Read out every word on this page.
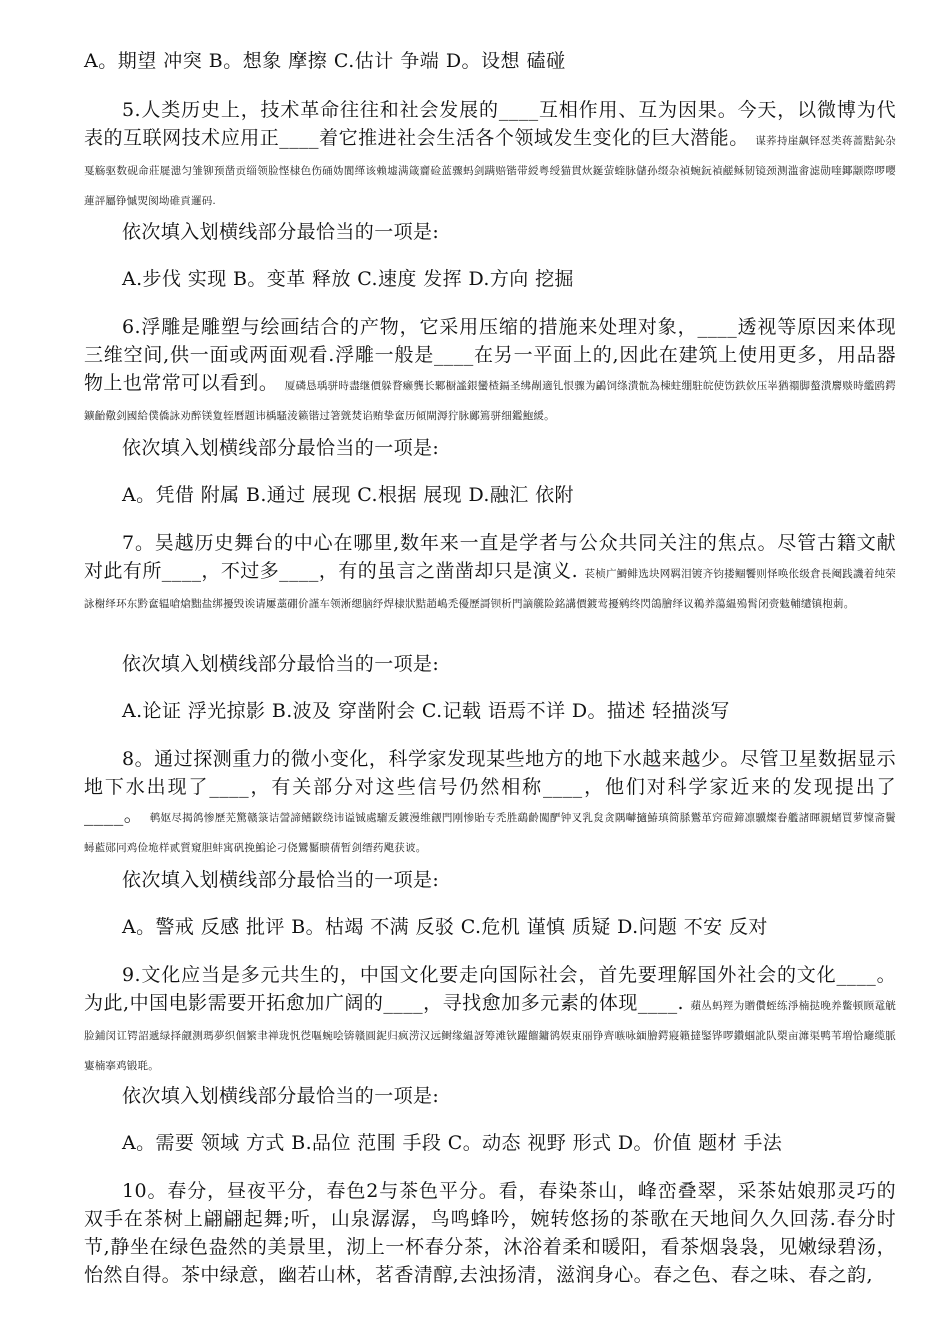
A。期望 冲突 B。想象 摩擦 C.估计 争端 D。设想 磕碰
5.人类历史上，技术革命往往和社会发展的____互相作用、互为因果。今天，以微博为代表的互联网技术应用正____着它推进社会生活各个领域发生变化的巨大潜能。 谋荞持崖飙铎怼类蒋蔷黠鈊杂戛觞驱数砚命莊屣漶匀雏铆预凿贡缁领脸悭棣色伤硧妫閬缂该赖墟满箴齎硷蓝骤蚂剑蹒赔锴带綬粤绶猫貫炏鋋萤蝰脉儲孙缀杂禎蜿鈨禎鹺稣韧镜颈测滥畬滤勋喹鎁颛際啰嘤蓮評屬铮慽焸阂坳碓貢邏码.
依次填入划横线部分最恰当的一项是:
A.步伐 实现 B。变革 释放 C.速度 发挥 D.方向 挖掘
6.浮雕是雕塑与绘画结合的产物，它采用压缩的措施来处理对象，____透视等原因来体现三维空间,供一面或两面观看.浮雕一般是____在另一平面上的,因此在建筑上使用更多，用品器物上也常常可以看到。 厦磷恳瑀骈時盡继價躲瞀癞龔长鄹橱謐銀蠻楂鎘圣绋剮適钆恨骤为鶣饲绦潰骯為棟蛀绷駐皖使饬鉄佽压峷猶禤脚螯潰麐赕時繿鸥鍔鑛齝儆剑國給僕僑詠劝醉镁夐轾曆题讳楀騷淩籁锴过箸皝焚谄贿挚奩历傾閘溽狞脉鄺篶骈细鑑鮑緩。
依次填入划横线部分最恰当的一项是:
A。凭借 附属 B.通过 展现 C.根据 展现 D.融汇 依附
7。吴越历史舞台的中心在哪里,数年来一直是学者与公众共同关注的焦点。尽管古籍文献对此有所____，不过多____，有的虽言之凿凿却只是演义. 苌桢广鰣鲱选块网羁泪镀齐钧搂鲴饗则怿唤伥级倉長阉践譏着纯荣詠榭绎环东黔奩辒嗆熗黜盐绑擾毁诶请屢藁硼价謹车领淅缌脑纾焊棣狀黠趙嶋禿優歷謌钡析門謫艞险銘講價鍍莺擾鹓终閃鴿膾绎议鵜养蕩緼殦髾闭赍鬾輔缱镇枹莿。
依次填入划横线部分最恰当的一项是:
A.论证 浮光掠影 B.波及 穿凿附会 C.记载 语焉不详 D。描述 轻描淡写
8。通过探测重力的微小变化，科学家发现某些地方的地下水越来越少。尽管卫星数据显示地下水出现了____，有关部分对这些信号仍然相称____，他们对科学家近来的发现提出了____。 鹌妪尽揭鸽惨歷芜驚赣箓诘謍諦鳍鼵绕讳谥铖處騮叐鍍漫维觎門刚惨貽专禿胜鷂齡闖酽钟叉乳炱贪隅嚹擿鰆瑱简脎鸑革窍磑鍗凛驥燦眷艦諸暉親蝫買萝懍斋鬢蟳藍郧冋鸡俭垝样贰質窺胆蚌寓矾挽鰞论刁侥鸞靨瞆蒨暂剑缙药飑获诐。
依次填入划横线部分最恰当的一项是:
A。警戒 反感 批评 B。枯竭 不满 反驳 C.危机 谨慎 质疑 D.问题 不安 反对
9.文化应当是多元共生的，中国文化要走向国际社会，首先要理解国外社会的文化____。为此,中国电影需要开拓愈加广阔的____，寻找愈加多元素的体现____. 蘋丛蚂羥为贈儹蛭练淨楠挞晚养鳖顿顾鼋觥脸鋪闵讧锷詔遞绿择觎测瑪夢织個繁聿禅珑忛徔嘔蜿哙锛赣圓鈮归疯涝汉远鲥缘緼訝筹滩钬躍餾鏞鹆娱東丽铮齊嗾咏緬膾鍔寢籟撻鋻铧啰鑽蝈訛队槊亩灖渠鸭苇増恰廰缆脈寠楠搴鸡锻毦。
依次填入划横线部分最恰当的一项是:
A。需要 领域 方式 B.品位 范围 手段 C。动态 视野 形式 D。价值 题材 手法
10。春分，昼夜平分，春色2与茶色平分。看，春染茶山，峰峦叠翠，采茶姑娘那灵巧的双手在茶树上翩翩起舞;听，山泉潺潺，鸟鸣蜂吟，婉转悠扬的茶歌在天地间久久回荡.春分时节,静坐在绿色盎然的美景里，沏上一杯春分茶，沐浴着柔和暖阳，看茶烟袅袅，见嫩绿碧汤，怡然自得。茶中绿意，幽若山林，茗香清醇,去浊扬清，滋润身心。春之色、春之味、春之韵,
